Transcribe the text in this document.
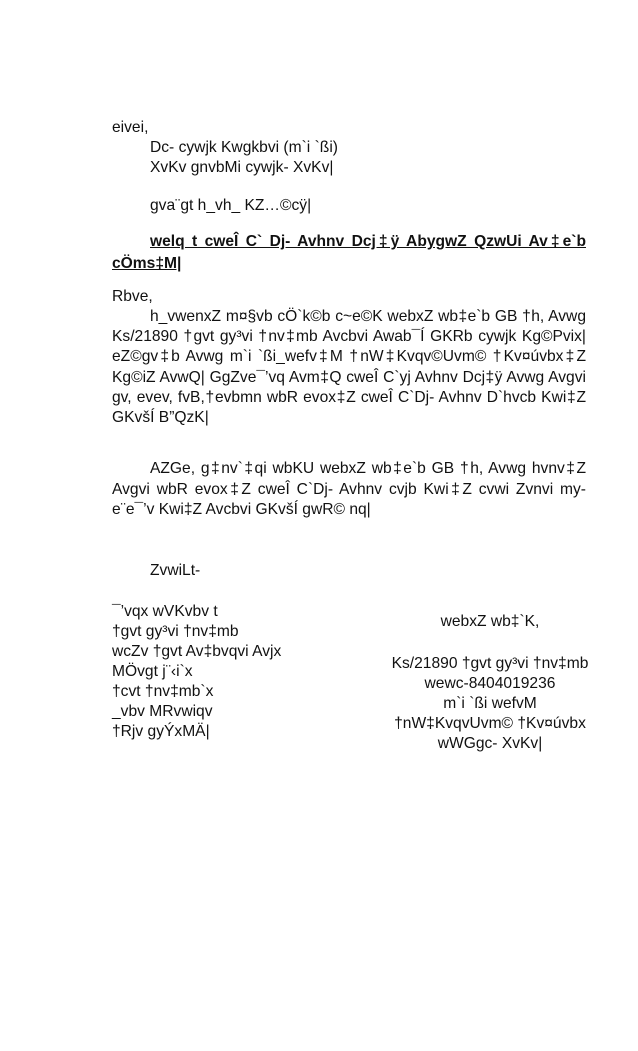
eivei,
Dc- cywjk Kwgkbvi (m`i `ßi)
XvKv gnvbMi cywjk- XvKv|
gva¨gt h_vh_ KZ…©cÿ|
welq t cweÎ C` Dj- Avhnv Dcj‡ÿ AbygwZ QzwUi Av‡e`b cÖms‡M|
Rbve,
h_vwenxZ m¤§vb cÖ`k©b c~e©K webxZ wb‡e`b GB †h, Avwg Ks/21890 †gvt gy³vi †nv‡mb Avcbvi Awab¯Í GKRb cywjk Kg©Pvix| eZ©gv‡b Avwg m`i `ßi_wefv‡M †nW‡Kvqv©Uvm© †Kv¤úvbx‡Z Kg©iZ AvwQ| GgZve¯’vq Avm‡Q cweÎ C`yj Avhnv Dcj‡ÿ Avwg Avgvi gv, evev, fvB,†evbmn wbR evox‡Z cweÎ C`Dj- Avhnv D`hvcb Kwi‡Z GKvšÍ B”QzK|
AZGe, g‡nv`‡qi wbKU webxZ wb‡e`b GB †h, Avwg hvnv‡Z Avgvi wbR evox‡Z cweÎ C`Dj- Avhnv cvjb Kwi‡Z cvwi Zvnvi my- e¨e¯’v Kwi‡Z Avcbvi GKvšÍ gwR© nq|
ZvwiLt-
¯’vqx wVKvbv t
†gvt gy³vi †nv‡mb
wcZv †gvt Av‡bvqvi Avjx
MÖvgt j¨‹i`x
†cvt †nv‡mb`x
_vbv MRvwiqv
†Rjv gyÝxMÄ|
webxZ wb‡`K,
Ks/21890 †gvt gy³vi †nv‡mb
wewc-8404019236
m`i `ßi wefvM
†nW‡KvqvUvm© †Kv¤úvbx
wWGgc- XvKv|
